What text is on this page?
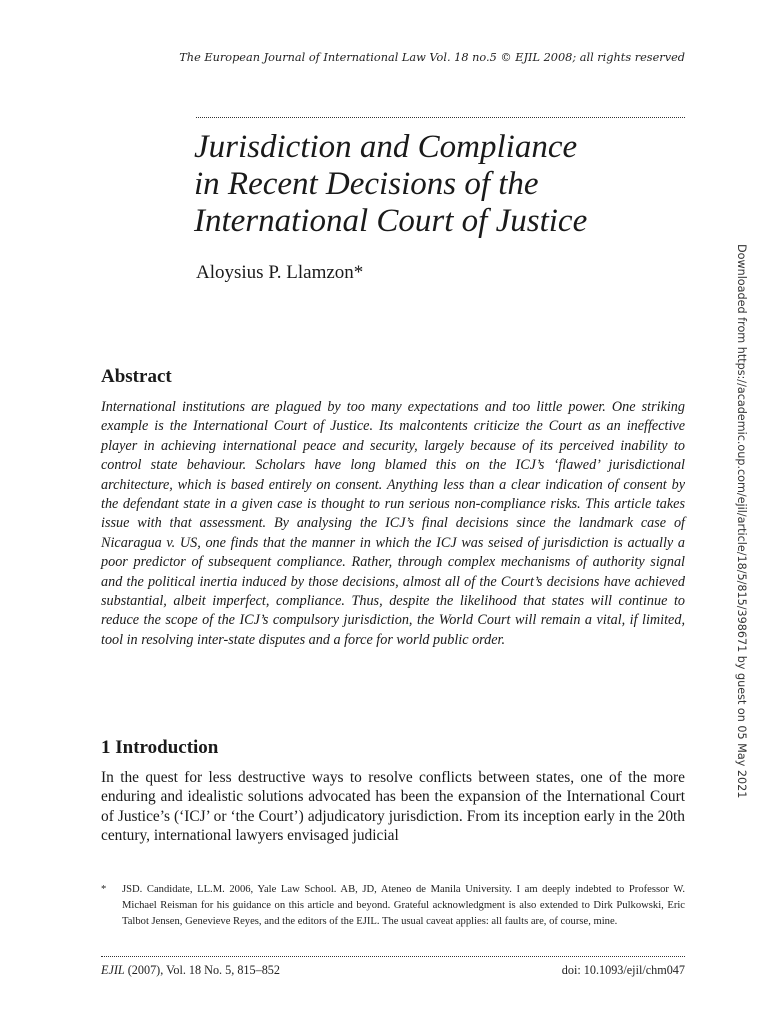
The European Journal of International Law Vol. 18 no.5 © EJIL 2008; all rights reserved
Jurisdiction and Compliance
in Recent Decisions of the
International Court of Justice
Aloysius P. Llamzon*	Downloaded from https://academic.oup.com/ejil/article/18/5/815/398671 by guest on 05 May 2021
Abstract

International institutions are plagued by too many expectations and too little power. One striking example is the International Court of Justice. Its malcontents criticize the Court as an ineffective player in achieving international peace and security, largely because of its perceived inability to control state behaviour. Scholars have long blamed this on the ICJ’s ‘flawed’ jurisdictional architecture, which is based entirely on consent. Anything less than a clear indication of consent by the defendant state in a given case is thought to run serious non-compliance risks. This article takes issue with that assessment. By analysing the ICJ’s final decisions since the landmark case of Nicaragua v. US, one finds that the manner in which the ICJ was seised of jurisdiction is actually a poor predictor of subsequent compliance. Rather, through complex mechanisms of authority signal and the political inertia induced by those decisions, almost all of the Court’s decisions have achieved substantial, albeit imperfect, compliance. Thus, despite the likelihood that states will continue to reduce the scope of the ICJ’s compulsory jurisdiction, the World Court will remain a vital, if limited, tool in resolving inter-state disputes and a force for world public order.

1 Introduction

In the quest for less destructive ways to resolve conflicts between states, one of the more enduring and idealistic solutions advocated has been the expansion of the International Court of Justice’s (‘ICJ’ or ‘the Court’) adjudicatory jurisdiction. From its inception early in the 20th century, international lawyers envisaged judicial

* JSD. Candidate, LL.M. 2006, Yale Law School. AB, JD, Ateneo de Manila University. I am deeply indebted to Professor W. Michael Reisman for his guidance on this article and beyond. Grateful acknowledgment is also extended to Dirk Pulkowski, Eric Talbot Jensen, Genevieve Reyes, and the editors of the EJIL. The usual caveat applies: all faults are, of course, mine.
EJIL (2007), Vol. 18 No. 5, 815–852	doi: 10.1093/ejil/chm047
